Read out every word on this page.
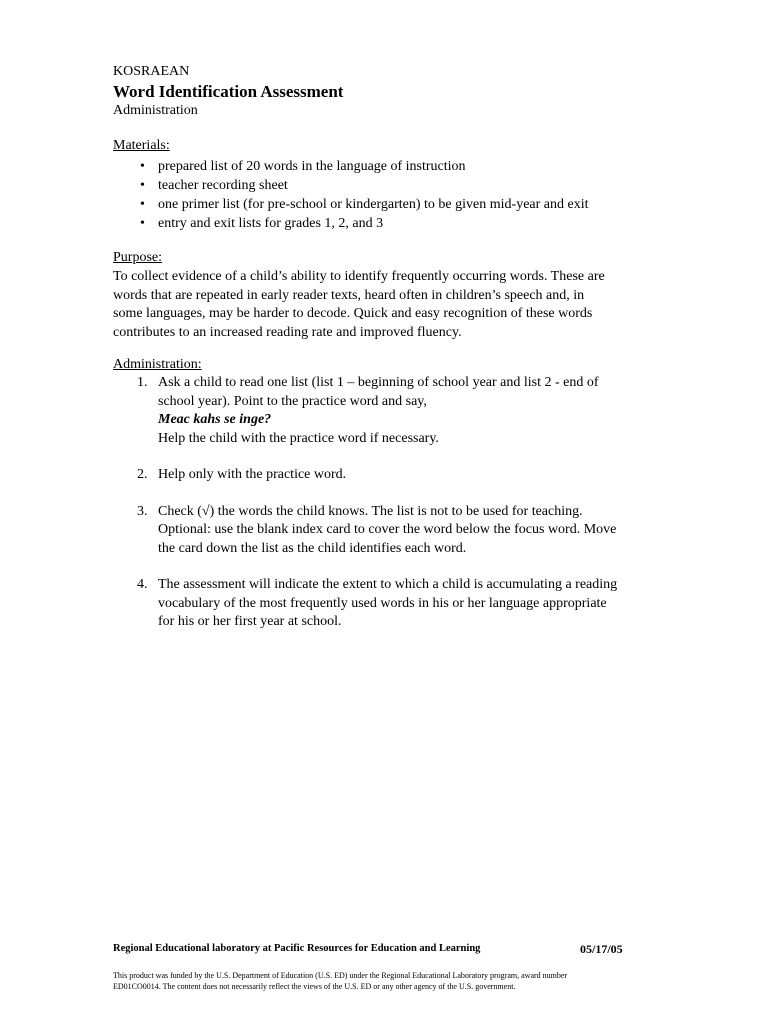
KOSRAEAN
Word Identification Assessment
Administration
Materials:
• prepared list of 20 words in the language of instruction
• teacher recording sheet
• one primer list (for pre-school or kindergarten) to be given mid-year and exit
• entry and exit lists for grades 1, 2, and 3
Purpose:
To collect evidence of a child’s ability to identify frequently occurring words. These are
words that are repeated in early reader texts, heard often in children’s speech and, in
some languages, may be harder to decode. Quick and easy recognition of these words
contributes to an increased reading rate and improved fluency.
Administration:
1. Ask a child to read one list (list 1 – beginning of school year and list 2 - end of
school year). Point to the practice word and say,
Meac kahs se inge?
Help the child with the practice word if necessary.
2. Help only with the practice word.
3. Check (√) the words the child knows. The list is not to be used for teaching.
Optional: use the blank index card to cover the word below the focus word. Move
the card down the list as the child identifies each word.
4. The assessment will indicate the extent to which a child is accumulating a reading
vocabulary of the most frequently used words in his or her language appropriate
for his or her first year at school.
Regional Educational laboratory at Pacific Resources for Education and Learning	05/17/05
This product was funded by the U.S. Department of Education (U.S. ED) under the Regional Educational Laboratory program, award number
ED01CO0014. The content does not necessarily reflect the views of the U.S. ED or any other agency of the U.S. government.
